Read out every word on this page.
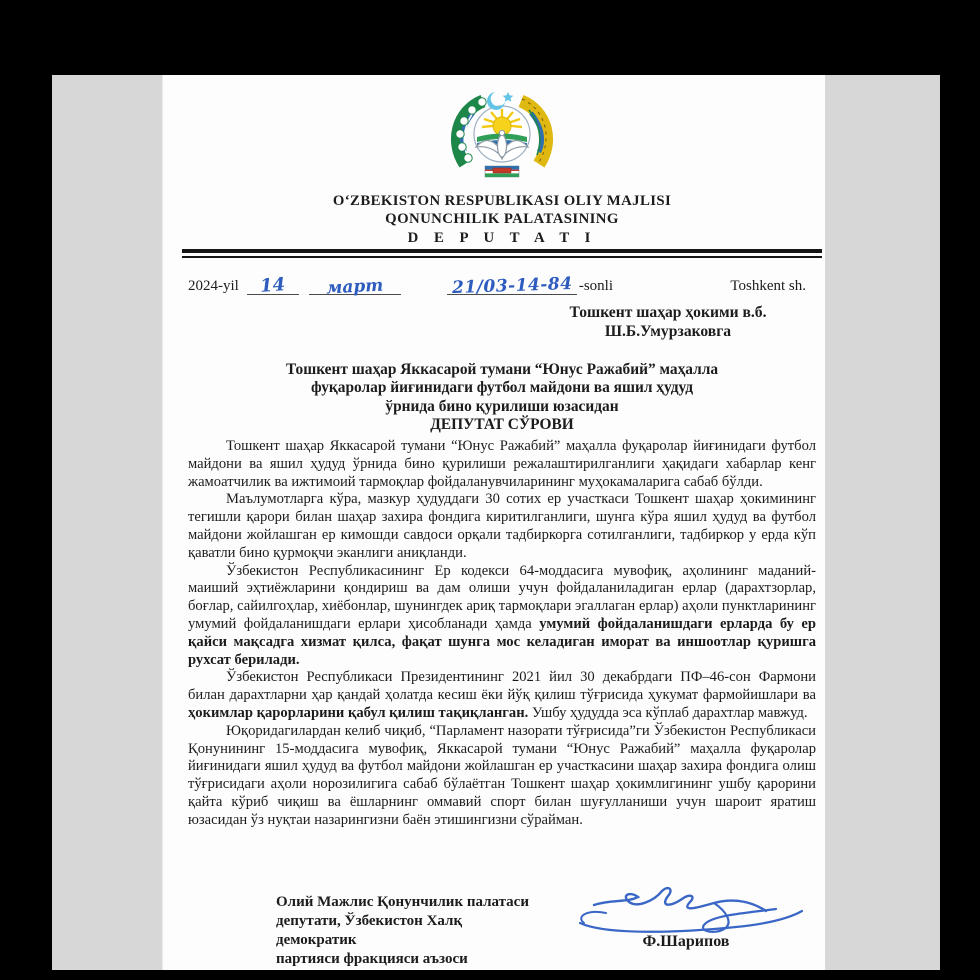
O‘ZBEKISTON RESPUBLIKASI OLIY MAJLISI
QONUNCHILIK PALATASINING
D E P U T A T I
2024-yil	14	март	21/03-14-84 -sonli	Toshkent sh.
Тошкент шаҳар ҳокими в.б.
Ш.Б.Умурзаковга
Тошкент шаҳар Яккасарой тумани “Юнус Ражабий” маҳалла
фуқаролар йиғинидаги футбол майдони ва яшил ҳудуд
ўрнида бино қурилиши юзасидан
ДЕПУТАТ СЎРОВИ

Тошкент шаҳар Яккасарой тумани “Юнус Ражабий” маҳалла фуқаролар йиғинидаги футбол майдони ва яшил ҳудуд ўрнида бино қурилиши режалаштирилганлиги ҳақидаги хабарлар кенг жамоатчилик ва ижтимоий тармоқлар фойдаланувчиларининг муҳокамаларига сабаб бўлди.

Маълумотларга кўра, мазкур ҳудуддаги 30 сотих ер участкаси Тошкент шаҳар ҳокимининг тегишли қарори билан шаҳар захира фондига киритилганлиги, шунга кўра яшил ҳудуд ва футбол майдони жойлашган ер кимошди савдоси орқали тадбиркорга сотилганлиги, тадбиркор у ерда кўп қаватли бино қурмоқчи эканлиги аниқланди.

Ўзбекистон Республикасининг Ер кодекси 64-моддасига мувофиқ, аҳолининг маданий-маиший эҳтиёжларини қондириш ва дам олиши учун фойдаланиладиган ерлар (дарахтзорлар, боғлар, сайилгоҳлар, хиёбонлар, шунингдек ариқ тармоқлари эгаллаган ерлар) аҳоли пунктларининг умумий фойдаланишдаги ерлари ҳисобланади ҳамда умумий фойдаланишдаги ерларда бу ер қайси мақсадга хизмат қилса, фақат шунга мос келадиган иморат ва иншоотлар қуришга рухсат берилади.

Ўзбекистон Республикаси Президентининг 2021 йил 30 декабрдаги ПФ–46-сон Фармони билан дарахтларни ҳар қандай ҳолатда кесиш ёки йўқ қилиш тўғрисида ҳукумат фармойишлари ва ҳокимлар қарорларини қабул қилиш тақиқланган. Ушбу ҳудудда эса кўплаб дарахтлар мавжуд.

Юқоридагилардан келиб чиқиб, “Парламент назорати тўғрисида”ги Ўзбекистон Республикаси Қонунининг 15-моддасига мувофиқ, Яккасарой тумани “Юнус Ражабий” маҳалла фуқаролар йиғинидаги яшил ҳудуд ва футбол майдони жойлашган ер участкасини шаҳар захира фондига олиш тўғрисидаги аҳоли норозилигига сабаб бўлаётган Тошкент шаҳар ҳокимлигининг ушбу қарорини қайта кўриб чиқиш ва ёшларнинг оммавий спорт билан шуғулланиши учун шароит яратиш юзасидан ўз нуқтаи назарингизни баён этишингизни сўрайман.

Олий Мажлис Қонунчилик палатаси
депутати, Ўзбекистон Халқ демократик
партияси фракцияси аъзоси
Ф.Шарипов
